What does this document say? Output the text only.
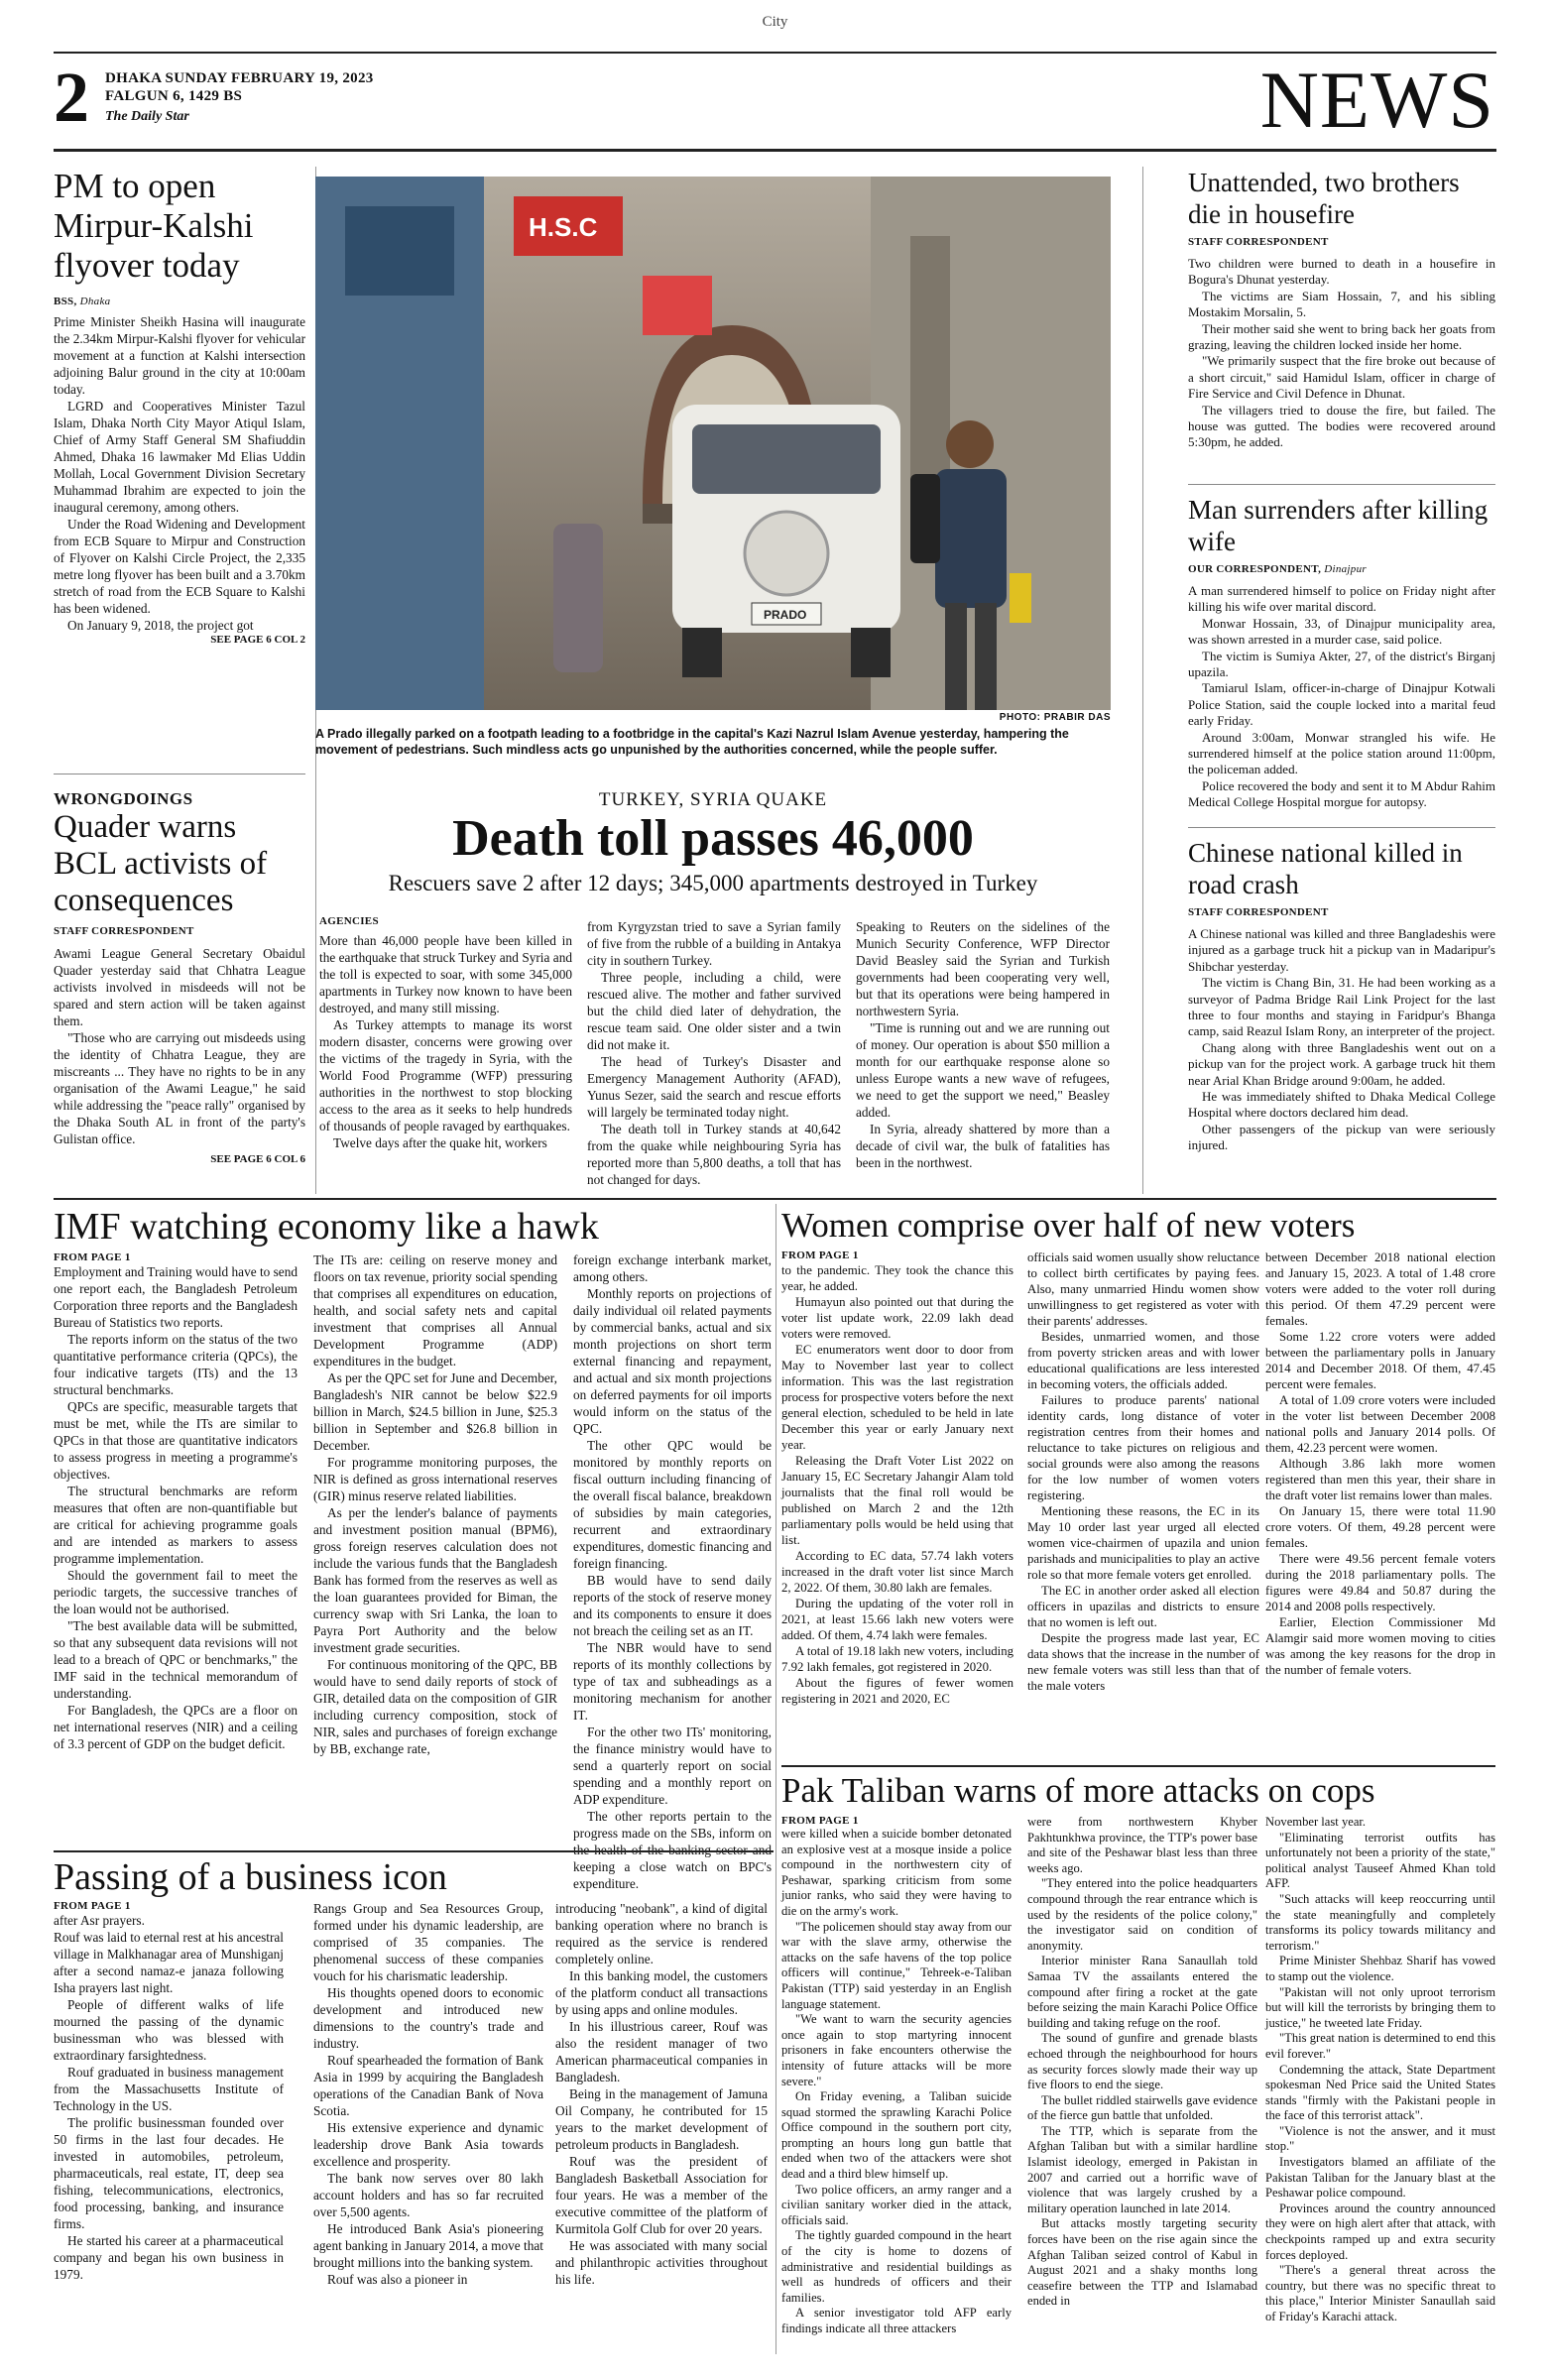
City
2 DHAKA SUNDAY FEBRUARY 19, 2023
FALGUN 6, 1429 BS
The Daily Star	NEWS
PM to open Mirpur-Kalshi flyover today
BSS, Dhaka

Prime Minister Sheikh Hasina will inaugurate the 2.34km Mirpur-Kalshi flyover for vehicular movement at a function at Kalshi intersection adjoining Balur ground in the city at 10:00am today.

LGRD and Cooperatives Minister Tazul Islam, Dhaka North City Mayor Atiqul Islam, Chief of Army Staff General SM Shafiuddin Ahmed, Dhaka 16 lawmaker Md Elias Uddin Mollah, Local Government Division Secretary Muhammad Ibrahim are expected to join the inaugural ceremony, among others.

Under the Road Widening and Development from ECB Square to Mirpur and Construction of Flyover on Kalshi Circle Project, the 2,335 metre long flyover has been built and a 3.70km stretch of road from the ECB Square to Kalshi has been widened.

On January 9, 2018, the project got

SEE PAGE 6 COL 2
WRONGDOINGS
Quader warns BCL activists of consequences
STAFF CORRESPONDENT

Awami League General Secretary Obaidul Quader yesterday said that Chhatra League activists involved in misdeeds will not be spared and stern action will be taken against them.

"Those who are carrying out misdeeds using the identity of Chhatra League, they are miscreants ... They have no rights to be in any organisation of the Awami League," he said while addressing the "peace rally" organised by the Dhaka South AL in front of the party's Gulistan office.

SEE PAGE 6 COL 6
H.S.C
PRADO
PHOTO: PRABIR DAS
A Prado illegally parked on a footpath leading to a footbridge in the capital's Kazi Nazrul Islam Avenue yesterday, hampering the movement of pedestrians. Such mindless acts go unpunished by the authorities concerned, while the people suffer.
TURKEY, SYRIA QUAKE
Death toll passes 46,000
Rescuers save 2 after 12 days; 345,000 apartments destroyed in Turkey
AGENCIES

More than 46,000 people have been killed in the earthquake that struck Turkey and Syria and the toll is expected to soar, with some 345,000 apartments in Turkey now known to have been destroyed, and many still missing.

As Turkey attempts to manage its worst modern disaster, concerns were growing over the victims of the tragedy in Syria, with the World Food Programme (WFP) pressuring authorities in the northwest to stop blocking access to the area as it seeks to help hundreds of thousands of people ravaged by earthquakes.

Twelve days after the quake hit, workers

from Kyrgyzstan tried to save a Syrian family of five from the rubble of a building in Antakya city in southern Turkey.

Three people, including a child, were rescued alive. The mother and father survived but the child died later of dehydration, the rescue team said. One older sister and a twin did not make it.

The head of Turkey's Disaster and Emergency Management Authority (AFAD), Yunus Sezer, said the search and rescue efforts will largely be terminated today night.

The death toll in Turkey stands at 40,642 from the quake while neighbouring Syria has reported more than 5,800 deaths, a toll that has not changed for days.

Speaking to Reuters on the sidelines of the Munich Security Conference, WFP Director David Beasley said the Syrian and Turkish governments had been cooperating very well, but that its operations were being hampered in northwestern Syria.

"Time is running out and we are running out of money. Our operation is about $50 million a month for our earthquake response alone so unless Europe wants a new wave of refugees, we need to get the support we need," Beasley added.

In Syria, already shattered by more than a decade of civil war, the bulk of fatalities has been in the northwest.

Unattended, two brothers die in housefire
STAFF CORRESPONDENT

Two children were burned to death in a housefire in Bogura's Dhunat yesterday.

The victims are Siam Hossain, 7, and his sibling Mostakim Morsalin, 5.

Their mother said she went to bring back her goats from grazing, leaving the children locked inside her home.

"We primarily suspect that the fire broke out because of a short circuit," said Hamidul Islam, officer in charge of Fire Service and Civil Defence in Dhunat.

The villagers tried to douse the fire, but failed. The house was gutted. The bodies were recovered around 5:30pm, he added.

Man surrenders after killing wife
OUR CORRESPONDENT, Dinajpur

A man surrendered himself to police on Friday night after killing his wife over marital discord.

Monwar Hossain, 33, of Dinajpur municipality area, was shown arrested in a murder case, said police.

The victim is Sumiya Akter, 27, of the district's Birganj upazila.

Tamiarul Islam, officer-in-charge of Dinajpur Kotwali Police Station, said the couple locked into a marital feud early Friday.

Around 3:00am, Monwar strangled his wife. He surrendered himself at the police station around 11:00pm, the policeman added.

Police recovered the body and sent it to M Abdur Rahim Medical College Hospital morgue for autopsy.

Chinese national killed in road crash
STAFF CORRESPONDENT

A Chinese national was killed and three Bangladeshis were injured as a garbage truck hit a pickup van in Madaripur's Shibchar yesterday.

The victim is Chang Bin, 31. He had been working as a surveyor of Padma Bridge Rail Link Project for the last three to four months and staying in Faridpur's Bhanga camp, said Reazul Islam Rony, an interpreter of the project.

Chang along with three Bangladeshis went out on a pickup van for the project work. A garbage truck hit them near Arial Khan Bridge around 9:00am, he added.

He was immediately shifted to Dhaka Medical College Hospital where doctors declared him dead.

Other passengers of the pickup van were seriously injured.

IMF watching economy like a hawk
FROM PAGE 1

Employment and Training would have to send one report each, the Bangladesh Petroleum Corporation three reports and the Bangladesh Bureau of Statistics two reports.

The reports inform on the status of the two quantitative performance criteria (QPCs), the four indicative targets (ITs) and the 13 structural benchmarks.

QPCs are specific, measurable targets that must be met, while the ITs are similar to QPCs in that those are quantitative indicators to assess progress in meeting a programme's objectives.

The structural benchmarks are reform measures that often are non-quantifiable but are critical for achieving programme goals and are intended as markers to assess programme implementation.

Should the government fail to meet the periodic targets, the successive tranches of the loan would not be authorised.

"The best available data will be submitted, so that any subsequent data revisions will not lead to a breach of QPC or benchmarks," the IMF said in the technical memorandum of understanding.

For Bangladesh, the QPCs are a floor on net international reserves (NIR) and a ceiling of 3.3 percent of GDP on the budget deficit.

The ITs are: ceiling on reserve money and floors on tax revenue, priority social spending that comprises all expenditures on education, health, and social safety nets and capital investment that comprises all Annual Development Programme (ADP) expenditures in the budget.

As per the QPC set for June and December, Bangladesh's NIR cannot be below $22.9 billion in March, $24.5 billion in June, $25.3 billion in September and $26.8 billion in December.

For programme monitoring purposes, the NIR is defined as gross international reserves (GIR) minus reserve related liabilities.

As per the lender's balance of payments and investment position manual (BPM6), gross foreign reserves calculation does not include the various funds that the Bangladesh Bank has formed from the reserves as well as the loan guarantees provided for Biman, the currency swap with Sri Lanka, the loan to Payra Port Authority and the below investment grade securities.

For continuous monitoring of the QPC, BB would have to send daily reports of stock of GIR, detailed data on the composition of GIR including currency composition, stock of NIR, sales and purchases of foreign exchange by BB, exchange rate,

foreign exchange interbank market, among others.

Monthly reports on projections of daily individual oil related payments by commercial banks, actual and six month projections on short term external financing and repayment, and actual and six month projections on deferred payments for oil imports would inform on the status of the QPC.

The other QPC would be monitored by monthly reports on fiscal outturn including financing of the overall fiscal balance, breakdown of subsidies by main categories, recurrent and extraordinary expenditures, domestic financing and foreign financing.

BB would have to send daily reports of the stock of reserve money and its components to ensure it does not breach the ceiling set as an IT.

The NBR would have to send reports of its monthly collections by type of tax and subheadings as a monitoring mechanism for another IT.

For the other two ITs' monitoring, the finance ministry would have to send a quarterly report on social spending and a monthly report on ADP expenditure.

The other reports pertain to the progress made on the SBs, inform on keeping a close watch on BPC's expenditure.

Women comprise over half of new voters
FROM PAGE 1

to the pandemic. They took the chance this year, he added.

Humayun also pointed out that during the voter list update work, 22.09 lakh dead voters were removed.

EC enumerators went door to door from May to November last year to collect information. This was the last registration process for prospective voters before the next general election, scheduled to be held in late December this year or early January next year.

Releasing the Draft Voter List 2022 on January 15, EC Secretary Jahangir Alam told journalists that the final roll would be published on March 2 and the 12th parliamentary polls would be held using that list.

According to EC data, 57.74 lakh voters increased in the draft voter list since March 2, 2022. Of them, 30.80 lakh are females.

During the updating of the voter roll in 2021, at least 15.66 lakh new voters were added. Of them, 4.74 lakh were females.

A total of 19.18 lakh new voters, including 7.92 lakh females, got registered in 2020.

About the figures of fewer women registering in 2021 and 2020, EC

officials said women usually show reluctance to collect birth certificates by paying fees. Also, many unmarried Hindu women show unwillingness to get registered as voter with their parents' addresses.

Besides, unmarried women, and those from poverty stricken areas and with lower educational qualifications are less interested in becoming voters, the officials added.

Failures to produce parents' national identity cards, long distance of voter registration centres from their homes and reluctance to take pictures on religious and social grounds were also among the reasons for the low number of women voters registering.

Mentioning these reasons, the EC in its May 10 order last year urged all elected women vice-chairmen of upazila and union parishads and municipalities to play an active role so that more female voters get enrolled.

The EC in another order asked all election officers in upazilas and districts to ensure that no women is left out.

Despite the progress made last year, EC data shows that the increase in the number of new female voters was still less than that of the male voters

between December 2018 national election and January 15, 2023. A total of 1.48 crore voters were added to the voter roll during this period. Of them 47.29 percent were females.

Some 1.22 crore voters were added between the parliamentary polls in January 2014 and December 2018. Of them, 47.45 percent were females.

A total of 1.09 crore voters were included in the voter list between December 2008 national polls and January 2014 polls. Of them, 42.23 percent were women.

Although 3.86 lakh more women registered than men this year, their share in the draft voter list remains lower than males.

On January 15, there were total 11.90 crore voters. Of them, 49.28 percent were females.

There were 49.56 percent female voters during the 2018 parliamentary polls. The figures were 49.84 and 50.87 during the 2014 and 2008 polls respectively.

Earlier, Election Commissioner Md Alamgir said more women moving to cities was among the key reasons for the drop in the number of female voters.

Passing of a business icon
FROM PAGE 1

after Asr prayers.

Rouf was laid to eternal rest at his ancestral village in Malkhanagar area of Munshiganj after a second namaz-e janaza following Isha prayers last night.

People of different walks of life mourned the passing of the dynamic businessman who was blessed with extraordinary farsightedness.

Rouf graduated in business management from the Massachusetts Institute of Technology in the US.

The prolific businessman founded over 50 firms in the last four decades. He invested in automobiles, petroleum, pharmaceuticals, real estate, IT, deep sea fishing, telecommunications, electronics, food processing, banking, and insurance firms.

He started his career at a pharmaceutical company and began his own business in 1979.

Rangs Group and Sea Resources Group, formed under his dynamic leadership, are comprised of 35 companies. The phenomenal success of these companies vouch for his charismatic leadership.

His thoughts opened doors to economic development and introduced new dimensions to the country's trade and industry.

Rouf spearheaded the formation of Bank Asia in 1999 by acquiring the Bangladesh operations of the Canadian Bank of Nova Scotia.

His extensive experience and dynamic leadership drove Bank Asia towards excellence and prosperity.

The bank now serves over 80 lakh account holders and has so far recruited over 5,500 agents.

He introduced Bank Asia's pioneering agent banking in January 2014, a move that brought millions into the banking system.

Rouf was also a pioneer in

introducing "neobank", a kind of digital banking operation where no branch is required as the service is rendered completely online.

In this banking model, the customers of the platform conduct all transactions by using apps and online modules.

In his illustrious career, Rouf was also the resident manager of two American pharmaceutical companies in Bangladesh.

Being in the management of Jamuna Oil Company, he contributed for 15 years to the market development of petroleum products in Bangladesh.

Rouf was the president of Bangladesh Basketball Association for four years. He was a member of the executive committee of the platform of Kurmitola Golf Club for over 20 years.

He was associated with many social and philanthropic activities throughout his life.

Pak Taliban warns of more attacks on cops
FROM PAGE 1

were killed when a suicide bomber detonated an explosive vest at a mosque inside a police compound in the northwestern city of Peshawar, sparking criticism from some junior ranks, who said they were having to die on the army's work.

"The policemen should stay away from our war with the slave army, otherwise the attacks on the safe havens of the top police officers will continue," Tehreek-e-Taliban Pakistan (TTP) said yesterday in an English language statement.

"We want to warn the security agencies once again to stop martyring innocent prisoners in fake encounters otherwise the intensity of future attacks will be more severe."

On Friday evening, a Taliban suicide squad stormed the sprawling Karachi Police Office compound in the southern port city, prompting an hours long gun battle that ended when two of the attackers were shot dead and a third blew himself up.

Two police officers, an army ranger and a civilian sanitary worker died in the attack, officials said.

The tightly guarded compound in the heart of the city is home to dozens of administrative and residential buildings as well as hundreds of officers and their families.

A senior investigator told AFP early findings indicate all three attackers

were from northwestern Khyber Pakhtunkhwa province, the TTP's power base and site of the Peshawar blast less than three weeks ago.

"They entered into the police headquarters compound through the rear entrance which is used by the residents of the police colony," the investigator said on condition of anonymity.

Interior minister Rana Sanaullah told Samaa TV the assailants entered the compound after firing a rocket at the gate before seizing the main Karachi Police Office building and taking refuge on the roof.

The sound of gunfire and grenade blasts echoed through the neighbourhood for hours as security forces slowly made their way up five floors to end the siege.

The bullet riddled stairwells gave evidence of the fierce gun battle that unfolded.

The TTP, which is separate from the Afghan Taliban but with a similar hardline Islamist ideology, emerged in Pakistan in 2007 and carried out a horrific wave of violence that was largely crushed by a military operation launched in late 2014.

But attacks mostly targeting security forces have been on the rise again since the Afghan Taliban seized control of Kabul in August 2021 and a shaky months long ceasefire between the TTP and Islamabad ended in

November last year.

"Eliminating terrorist outfits has unfortunately not been a priority of the state," political analyst Tauseef Ahmed Khan told AFP.

"Such attacks will keep reoccurring until the state meaningfully and completely transforms its policy towards militancy and terrorism."

Prime Minister Shehbaz Sharif has vowed to stamp out the violence.

"Pakistan will not only uproot terrorism but will kill the terrorists by bringing them to justice," he tweeted late Friday.

"This great nation is determined to end this evil forever."

Condemning the attack, State Department spokesman Ned Price said the United States stands "firmly with the Pakistani people in the face of this terrorist attack".

"Violence is not the answer, and it must stop."

Investigators blamed an affiliate of the Pakistan Taliban for the January blast at the Peshawar police compound.

Provinces around the country announced they were on high alert after that attack, with checkpoints ramped up and extra security forces deployed.

"There's a general threat across the country, but there was no specific threat to this place," Interior Minister Sanaullah said of Friday's Karachi attack.
